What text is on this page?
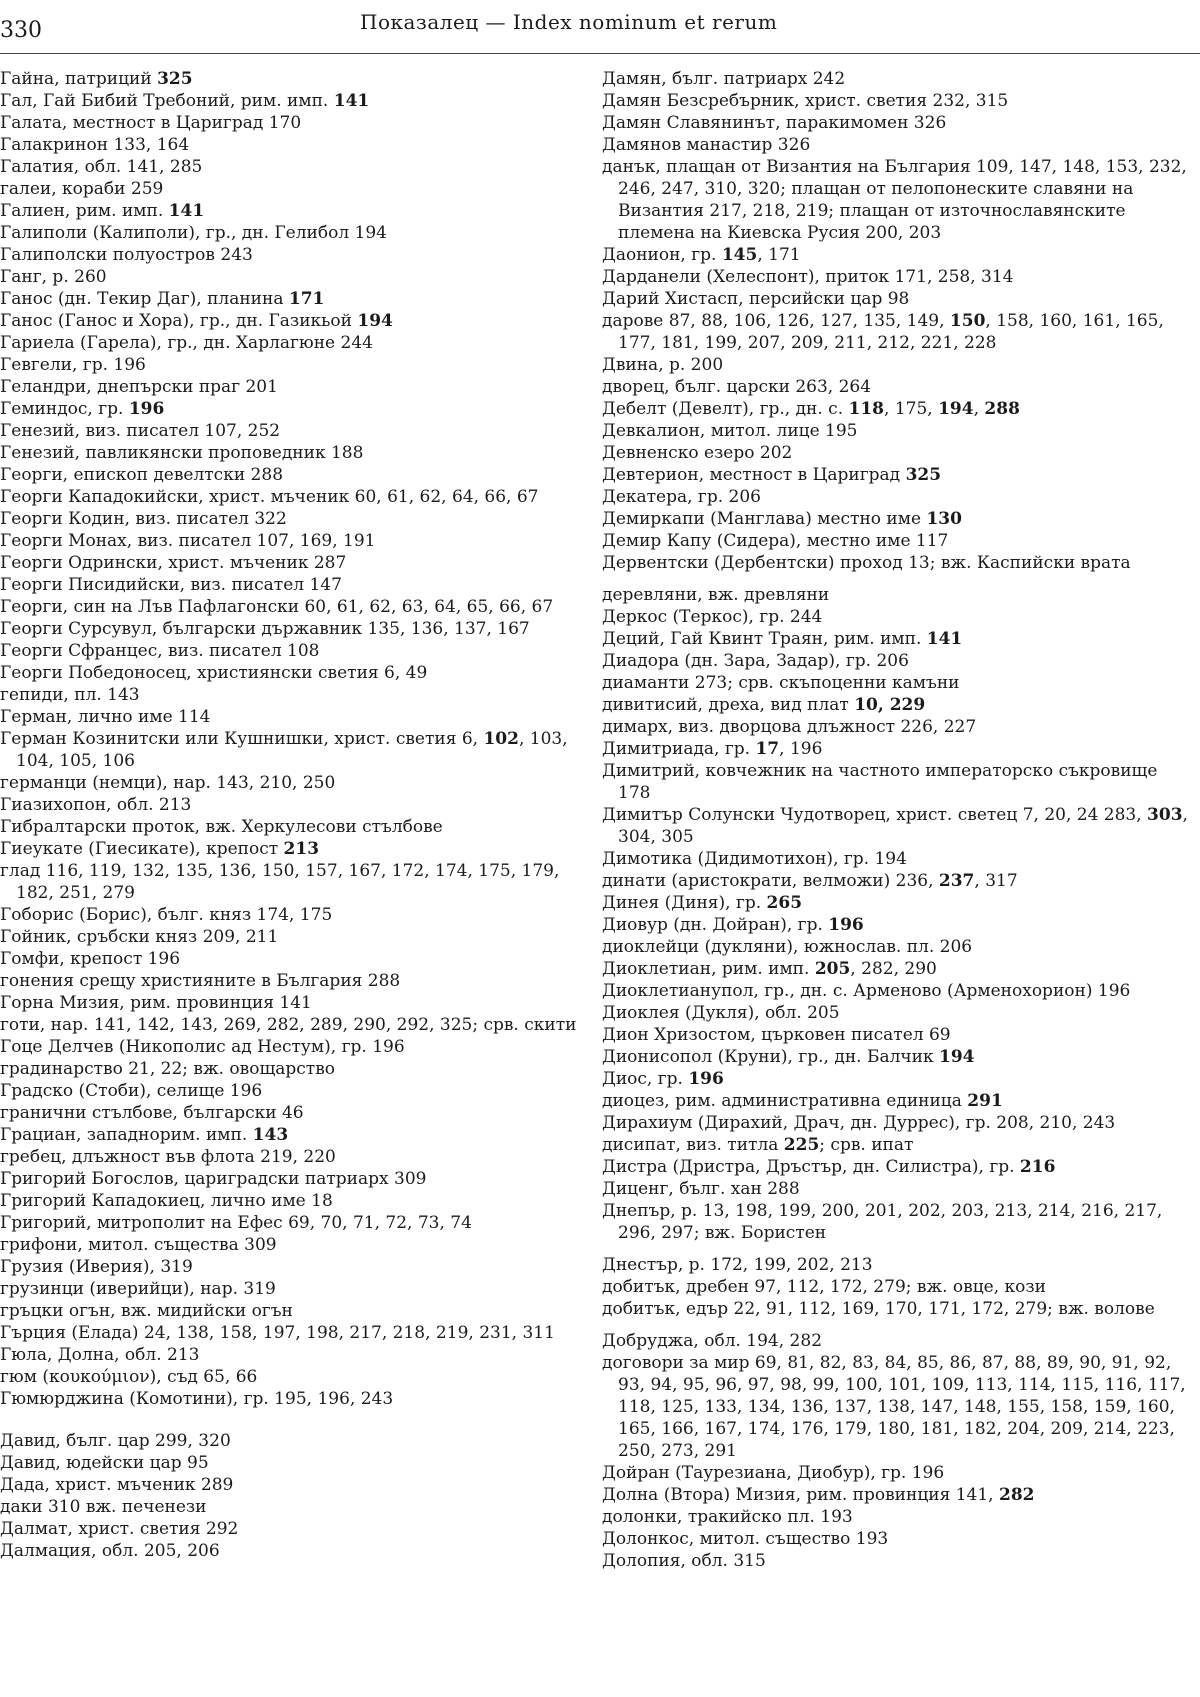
330	Показалец — Index nominum et rerum
Гайна, патриций 325
Гал, Гай Бибий Требоний, рим. имп. 141
Галата, местност в Цариград 170
Галакринон 133, 164
Галатия, обл. 141, 285
галеи, кораби 259
Галиен, рим. имп. 141
Галиполи (Калиполи), гр., дн. Гелибол 194
Галиполски полуостров 243
Ганг, р. 260
Ганос (дн. Текир Даг), планина 171
Ганос (Ганос и Хора), гр., дн. Газикьой 194
Гариела (Гарела), гр., дн. Харлагюне 244
Гевгели, гр. 196
Геландри, днепърски праг 201
Геминдос, гр. 196
Генезий, виз. писател 107, 252
Генезий, павликянски проповедник 188
Георги, епископ девелтски 288
Георги Кападокийски, христ. мъченик 60, 61, 62, 64, 66, 67
Георги Кодин, виз. писател 322
Георги Монах, виз. писател 107, 169, 191
Георги Одрински, христ. мъченик 287
Георги Писидийски, виз. писател 147
Георги, син на Лъв Пафлагонски 60, 61, 62, 63, 64, 65, 66, 67
Георги Сурсувул, български държавник 135, 136, 137, 167
Георги Сфранцес, виз. писател 108
Георги Победоносец, християнски светия 6, 49
гепиди, пл. 143
Герман, лично име 114
Герман Козинитски или Кушнишки, христ. светия 6, 102, 103, 104, 105, 106
германци (немци), нар. 143, 210, 250
Гиазихопон, обл. 213
Гибралтарски проток, вж. Херкулесови стълбове
Гиеукате (Гиесикате), крепост 213
глад 116, 119, 132, 135, 136, 150, 157, 167, 172, 174, 175, 179, 182, 251, 279
Гоборис (Борис), бълг. княз 174, 175
Гойник, сръбски княз 209, 211
Гомфи, крепост 196
гонения срещу християните в България 288
Горна Мизия, рим. провинция 141
готи, нар. 141, 142, 143, 269, 282, 289, 290, 292, 325; срв. скити
Гоце Делчев (Никополис ад Нестум), гр. 196
градинарство 21, 22; вж. овощарство
Градско (Стоби), селище 196
гранични стълбове, български 46
Грациан, западнорим. имп. 143
гребец, длъжност във флота 219, 220
Григорий Богослов, цариградски патриарх 309
Григорий Кападокиец, лично име 18
Григорий, митрополит на Ефес 69, 70, 71, 72, 73, 74
грифони, митол. същества 309
Грузия (Иверия), 319
грузинци (иверийци), нар. 319
гръцки огън, вж. мидийски огън
Гърция (Елада) 24, 138, 158, 197, 198, 217, 218, 219, 231, 311
Гюла, Долна, обл. 213
гюм (κουκούμιον), съд 65, 66
Гюмюрджина (Комотини), гр. 195, 196, 243
Давид, бълг. цар 299, 320
Давид, юдейски цар 95
Дада, христ. мъченик 289
даки 310 вж. печенези
Далмат, христ. светия 292
Далмация, обл. 205, 206
Дамян, бълг. патриарх 242
Дамян Безсребърник, христ. светия 232, 315
Дамян Славянинът, паракимомен 326
Дамянов манастир 326
данък, плащан от Византия на България 109, 147, 148, 153, 232, 246, 247, 310, 320; плащан от пелопонеските славяни на Византия 217, 218, 219; плащан от източнославянските племена на Киевска Русия 200, 203
Даонион, гр. 145, 171
Дарданели (Хелеспонт), приток 171, 258, 314
Дарий Хистасп, персийски цар 98
дарове 87, 88, 106, 126, 127, 135, 149, 150, 158, 160, 161, 165, 177, 181, 199, 207, 209, 211, 212, 221, 228
Двина, р. 200
дворец, бълг. царски 263, 264
Дебелт (Девелт), гр., дн. с. 118, 175, 194, 288
Девкалион, митол. лице 195
Девненско езеро 202
Девтерион, местност в Цариград 325
Декатера, гр. 206
Демиркапи (Манглава) местно име 130
Демир Капу (Сидера), местно име 117
Дервентски (Дербентски) проход 13; вж. Каспийски врата
деревляни, вж. древляни
Деркос (Теркос), гр. 244
Деций, Гай Квинт Траян, рим. имп. 141
Диадора (дн. Зара, Задар), гр. 206
диаманти 273; срв. скъпоценни камъни
дивитисий, дреха, вид плат 10, 229
димарх, виз. дворцова длъжност 226, 227
Димитриада, гр. 17, 196
Димитрий, ковчежник на частното императорско съкровище 178
Димитър Солунски Чудотворец, христ. светец 7, 20, 24 283, 303, 304, 305
Димотика (Дидимотихон), гр. 194
динати (аристократи, велможи) 236, 237, 317
Динея (Диня), гр. 265
Диовур (дн. Дойран), гр. 196
диоклейци (дукляни), южнослав. пл. 206
Диоклетиан, рим. имп. 205, 282, 290
Диоклетианупол, гр., дн. с. Арменово (Арменохорион) 196
Диоклея (Дукля), обл. 205
Дион Хризостом, църковен писател 69
Дионисопол (Круни), гр., дн. Балчик 194
Диос, гр. 196
диоцез, рим. административна единица 291
Дирахиум (Дирахий, Драч, дн. Дуррес), гр. 208, 210, 243
дисипат, виз. титла 225; срв. ипат
Дистра (Дристра, Дръстър, дн. Силистра), гр. 216
Диценг, бълг. хан 288
Днепър, р. 13, 198, 199, 200, 201, 202, 203, 213, 214, 216, 217, 296, 297; вж. Бористен
Днестър, р. 172, 199, 202, 213
добитък, дребен 97, 112, 172, 279; вж. овце, кози
добитък, едър 22, 91, 112, 169, 170, 171, 172, 279; вж. волове
Добруджа, обл. 194, 282
договори за мир 69, 81, 82, 83, 84, 85, 86, 87, 88, 89, 90, 91, 92, 93, 94, 95, 96, 97, 98, 99, 100, 101, 109, 113, 114, 115, 116, 117, 118, 125, 133, 134, 136, 137, 138, 147, 148, 155, 158, 159, 160, 165, 166, 167, 174, 176, 179, 180, 181, 182, 204, 209, 214, 223, 250, 273, 291
Дойран (Таурезиана, Диобур), гр. 196
Долна (Втора) Мизия, рим. провинция 141, 282
долонки, тракийско пл. 193
Долонкос, митол. същество 193
Долопия, обл. 315
